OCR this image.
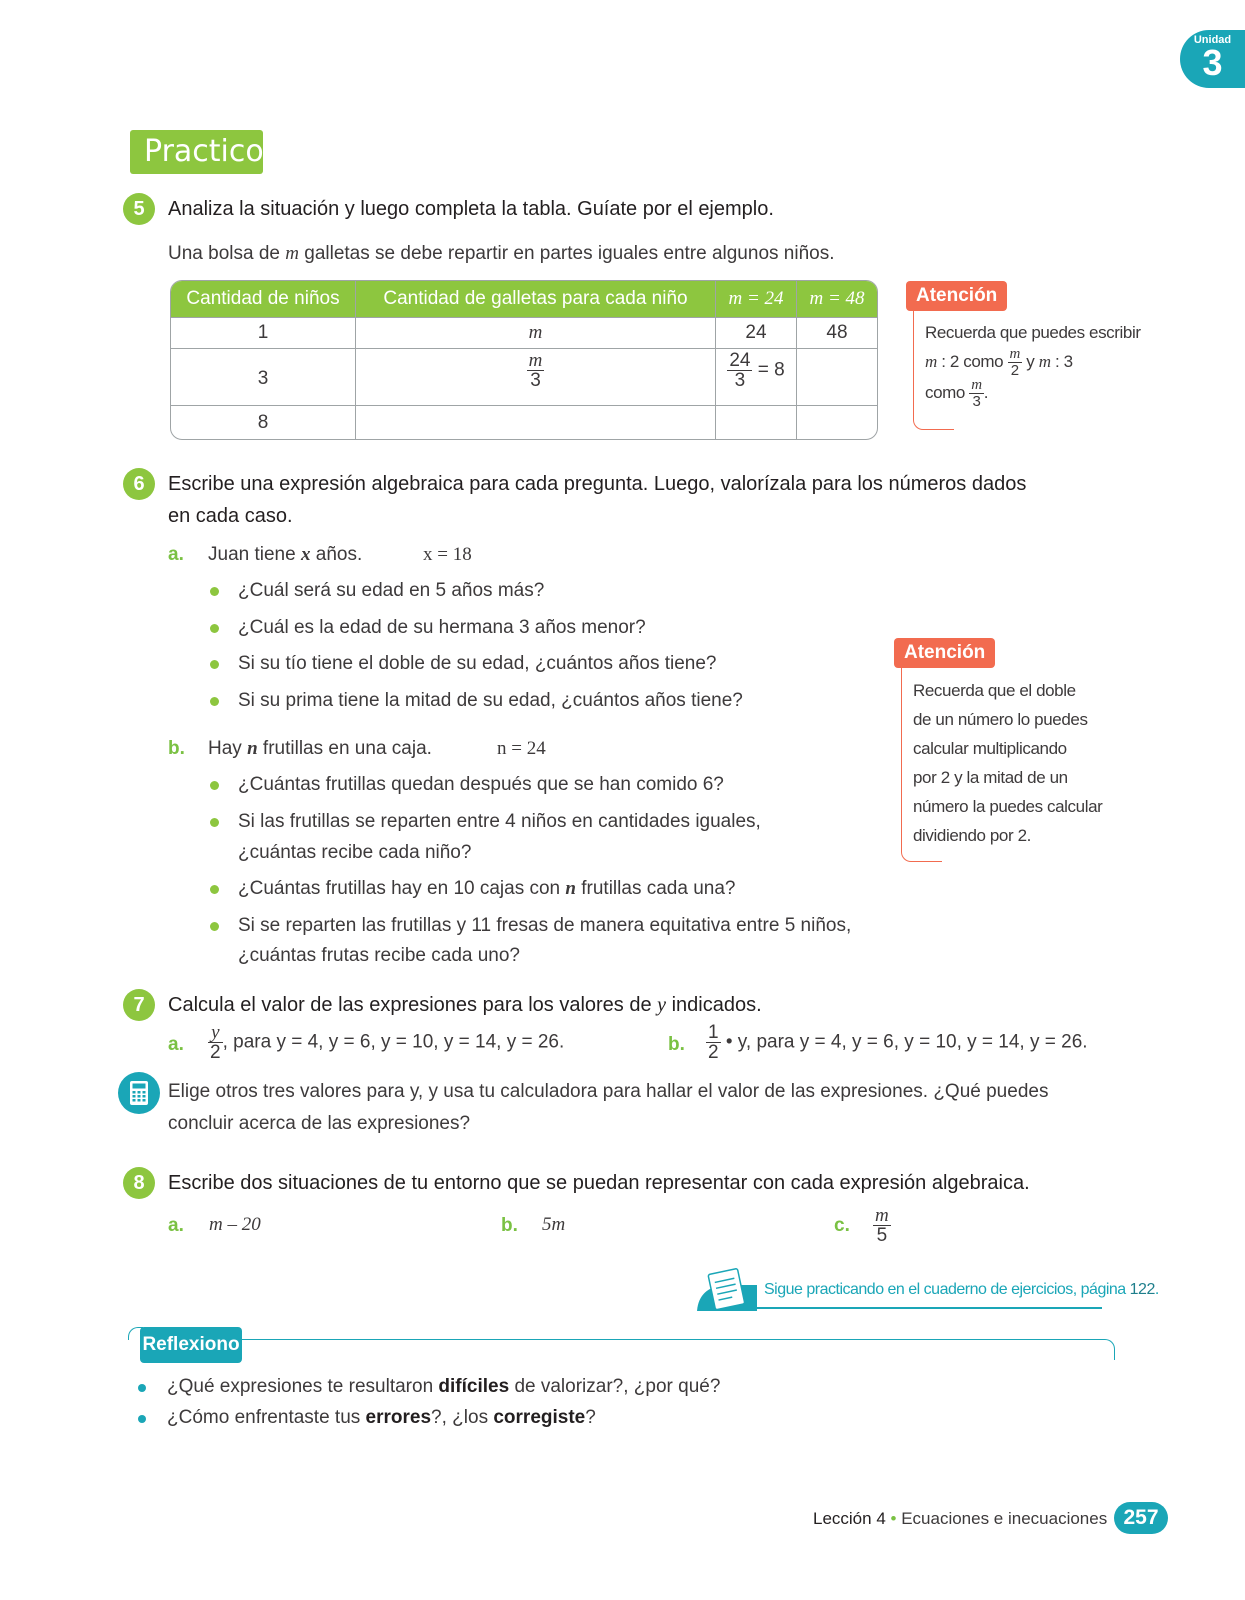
Unidad
3
Practico
5	Analiza la situación y luego completa la tabla. Guíate por el ejemplo.
Una bolsa de m galletas se debe repartir en partes iguales entre algunos niños.
Cantidad de niños	Cantidad de galletas para cada niño	m = 24	m = 48
1	m	24	48
3	$\frac{m}{3}$	$\frac{24}{3} = 8$
8
Atención
Recuerda que puedes escribir
m : 2 como $\frac{m}{2}$ y m : 3
como $\frac{m}{3}$ .
6	Escribe una expresión algebraica para cada pregunta. Luego, valorízala para los números dados
en cada caso.
a. Juan tiene x años.	x = 18
¿Cuál será su edad en 5 años más?
¿Cuál es la edad de su hermana 3 años menor?
Si su tío tiene el doble de su edad, ¿cuántos años tiene?
Si su prima tiene la mitad de su edad, ¿cuántos años tiene?
b. Hay n frutillas en una caja.	n = 24
¿Cuántas frutillas quedan después que se han comido 6?
Si las frutillas se reparten entre 4 niños en cantidades iguales,
¿cuántas recibe cada niño?
¿Cuántas frutillas hay en 10 cajas con n frutillas cada una?
Si se reparten las frutillas y 11 fresas de manera equitativa entre 5 niños,
¿cuántas frutas recibe cada uno?
Atención
Recuerda que el doble
de un número lo puedes
calcular multiplicando
por 2 y la mitad de un
número la puedes calcular
dividiendo por 2.
7	Calcula el valor de las expresiones para los valores de y indicados.
a. $\frac{y}{2}$ , para y = 4, y = 6, y = 10, y = 14, y = 26.	b. $\frac{1}{2}$ • y, para y = 4, y = 6, y = 10, y = 14, y = 26.
Elige otros tres valores para y, y usa tu calculadora para hallar el valor de las expresiones. ¿Qué puedes
concluir acerca de las expresiones?
8	Escribe dos situaciones de tu entorno que se puedan representar con cada expresión algebraica.
a. m – 20	b. 5m	c. $\frac{m}{5}$
Sigue practicando en el cuaderno de ejercicios, página 122.
Reflexiono
¿Qué expresiones te resultaron difíciles de valorizar?, ¿por qué?
¿Cómo enfrentaste tus errores?, ¿los corregiste?
Lección 4 • Ecuaciones e inecuaciones 257
